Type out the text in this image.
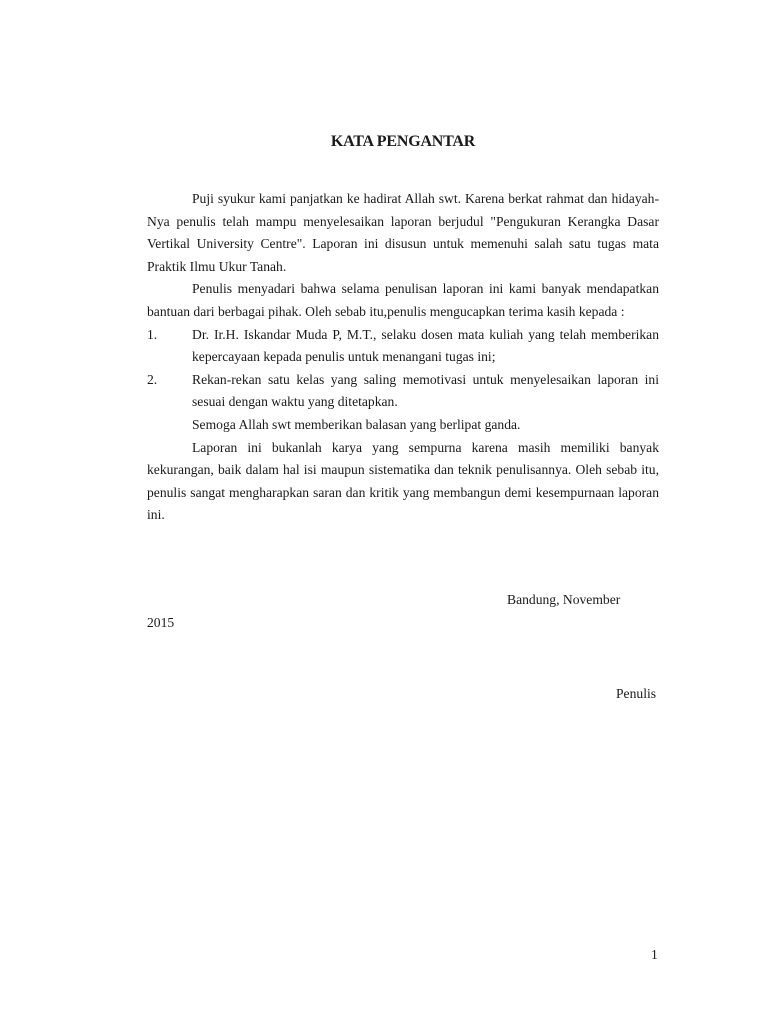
KATA PENGANTAR

Puji syukur kami panjatkan ke hadirat Allah swt. Karena berkat rahmat dan hidayah-Nya penulis telah mampu menyelesaikan laporan berjudul "Pengukuran Kerangka Dasar Vertikal University Centre". Laporan ini disusun untuk memenuhi salah satu tugas mata Praktik Ilmu Ukur Tanah.

Penulis menyadari bahwa selama penulisan laporan ini kami banyak mendapatkan bantuan dari berbagai pihak. Oleh sebab itu,penulis mengucapkan terima kasih kepada :

1.	Dr. Ir.H. Iskandar Muda P, M.T., selaku dosen mata kuliah yang telah memberikan kepercayaan kepada penulis untuk menangani tugas ini;
2.	Rekan-rekan satu kelas yang saling memotivasi untuk menyelesaikan laporan ini sesuai dengan waktu yang ditetapkan.

Semoga Allah swt memberikan balasan yang berlipat ganda.

Laporan ini bukanlah karya yang sempurna karena masih memiliki banyak kekurangan, baik dalam hal isi maupun sistematika dan teknik penulisannya. Oleh sebab itu, penulis sangat mengharapkan saran dan kritik yang membangun demi kesempurnaan laporan ini.

Bandung, November
2015
Penulis
1
